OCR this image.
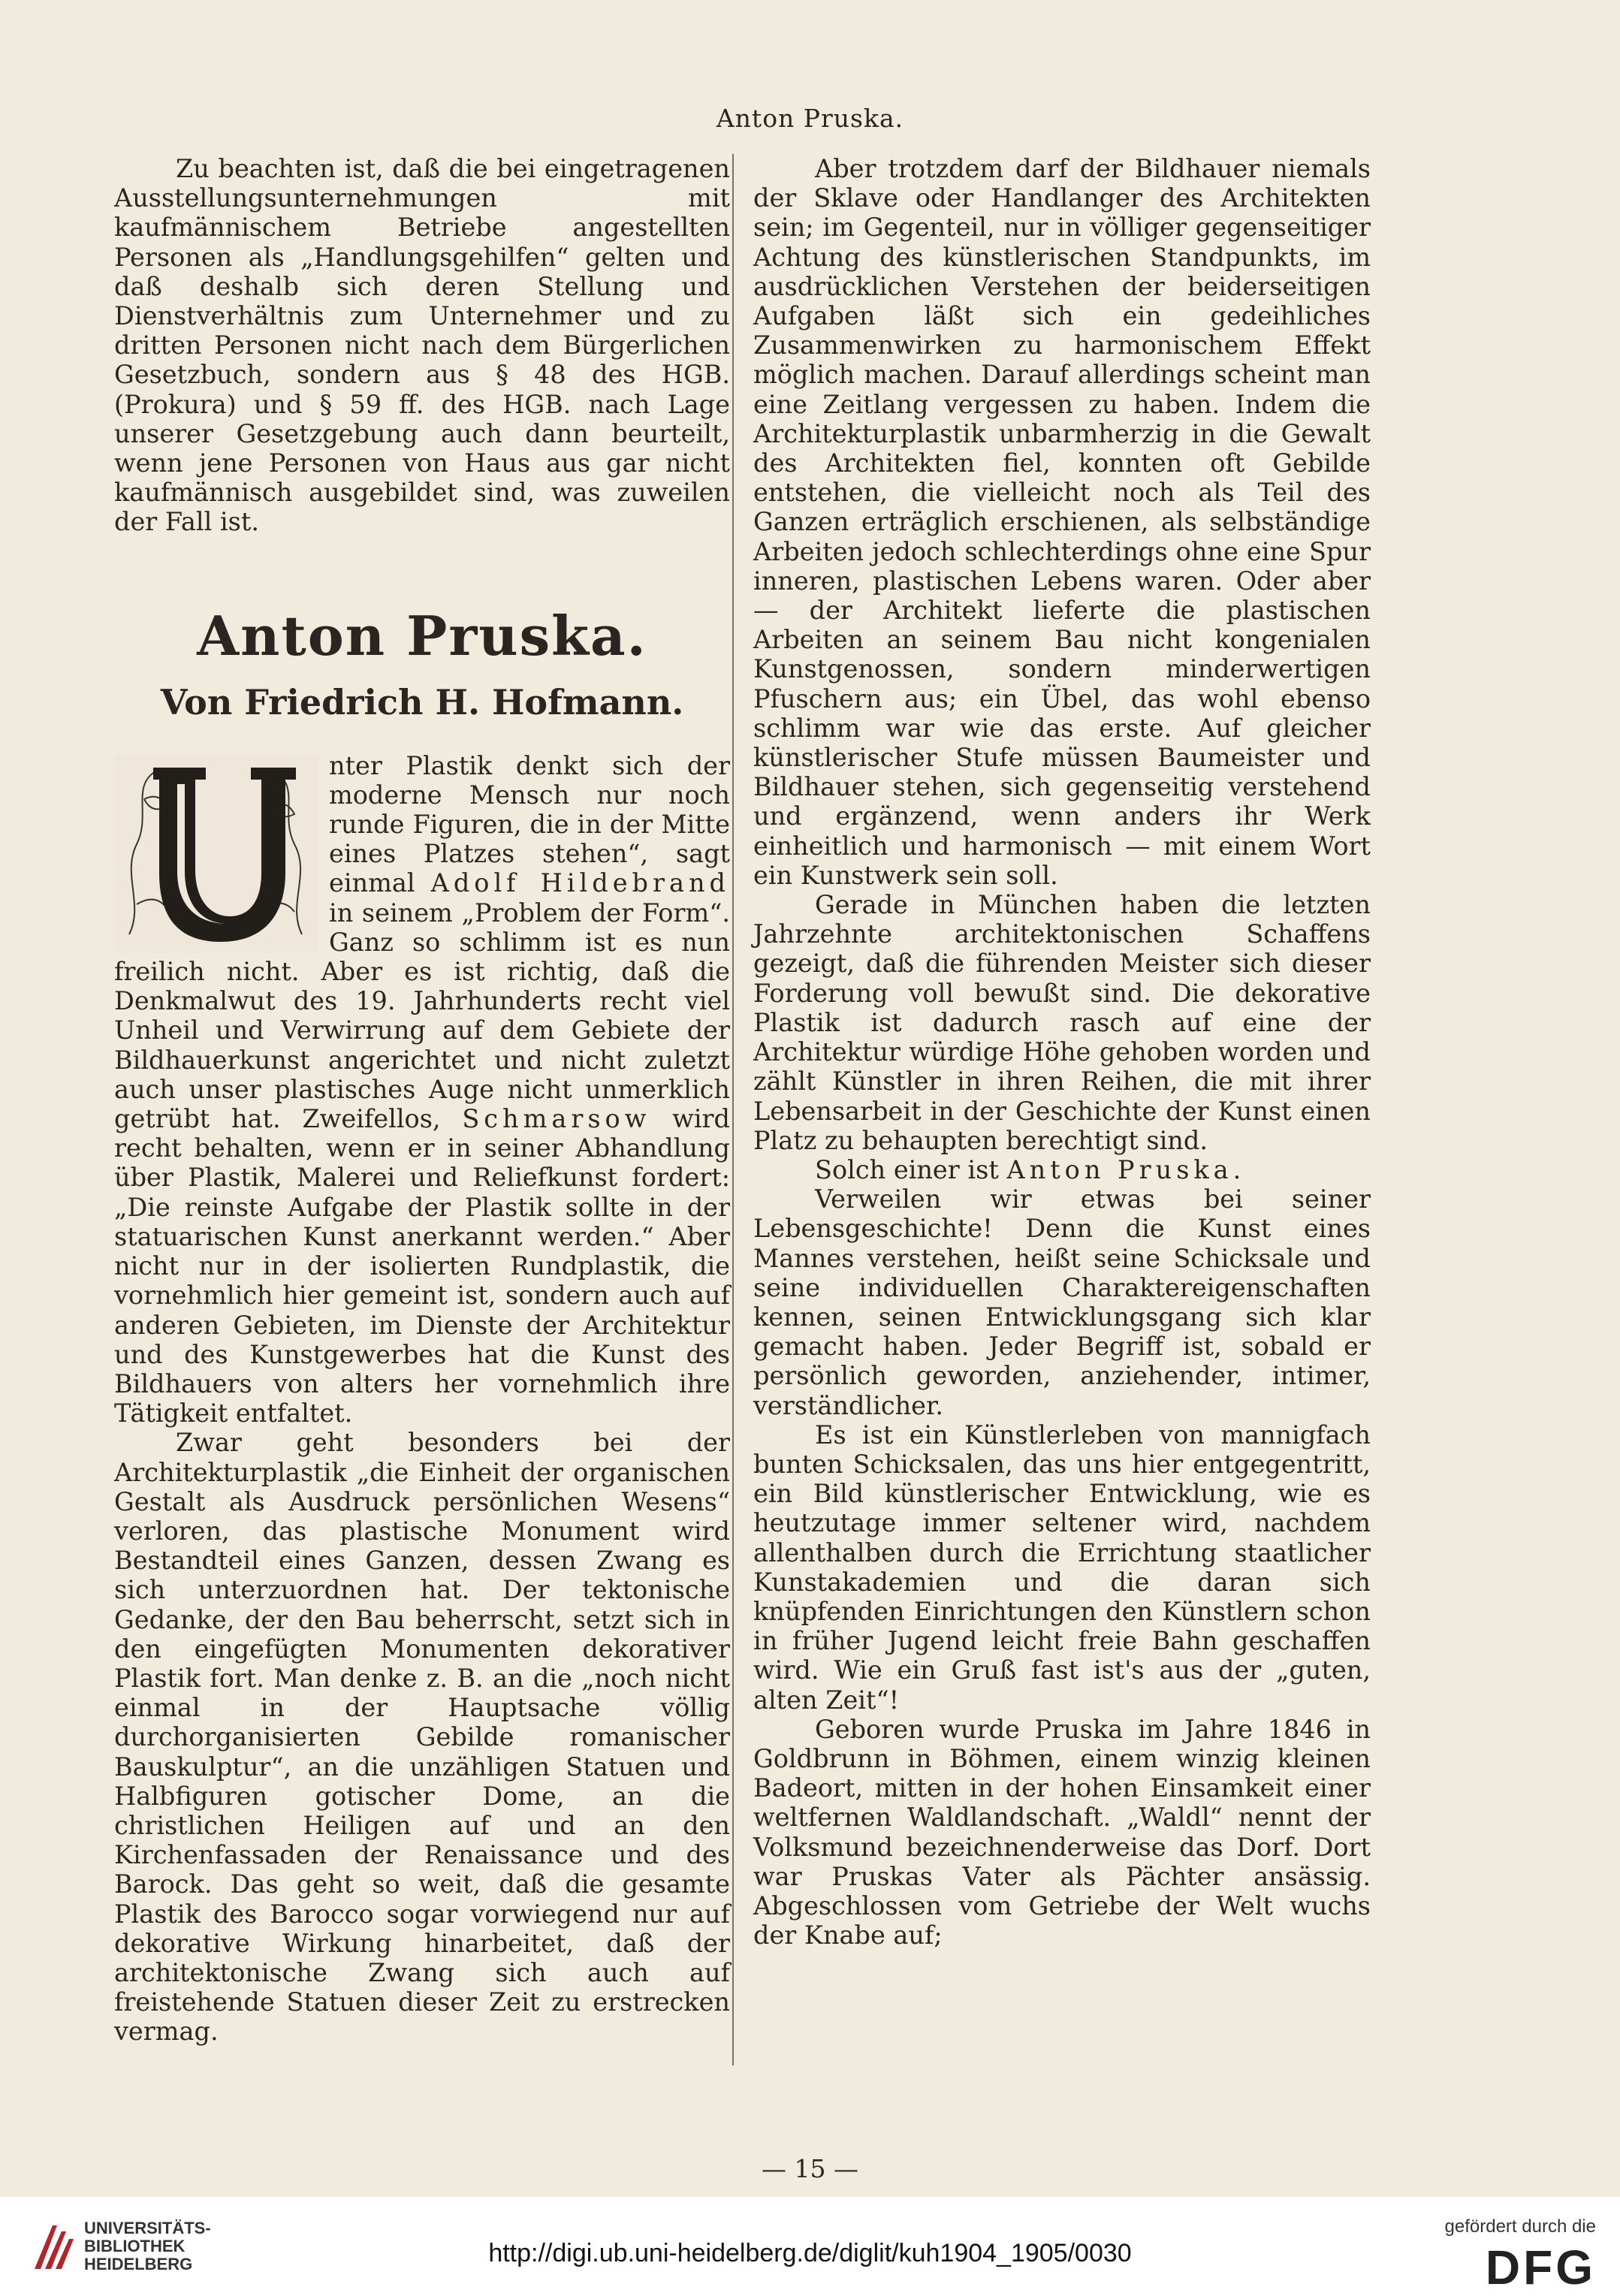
Anton Pruska.

Zu beachten ist, daß die bei eingetragenen Ausstellungsunternehmungen mit kaufmännischem Betriebe angestellten Personen als „Handlungsgehilfen“ gelten und daß deshalb sich deren Stellung und Dienstverhältnis zum Unternehmer und zu dritten Personen nicht nach dem Bürgerlichen Gesetzbuch, sondern aus § 48 des HGB. (Prokura) und § 59 ff. des HGB. nach Lage unserer Gesetzgebung auch dann beurteilt, wenn jene Personen von Haus aus gar nicht kaufmännisch ausgebildet sind, was zuweilen der Fall ist.

Anton Pruska.
Von Friedrich H. Hofmann.

nter Plastik denkt sich der moderne Mensch nur noch runde Figuren, die in der Mitte eines Platzes stehen“, sagt einmal Adolf Hildebrand in seinem „Problem der Form“. Ganz so schlimm ist es nun freilich nicht. Aber es ist richtig, daß die Denkmalwut des 19. Jahrhunderts recht viel Unheil und Verwirrung auf dem Gebiete der Bildhauerkunst angerichtet und nicht zuletzt auch unser plastisches Auge nicht unmerklich getrübt hat. Zweifellos, Schmarsow wird recht behalten, wenn er in seiner Abhandlung über Plastik, Malerei und Reliefkunst fordert: „Die reinste Aufgabe der Plastik sollte in der statuarischen Kunst anerkannt werden.“ Aber nicht nur in der isolierten Rundplastik, die vornehmlich hier gemeint ist, sondern auch auf anderen Gebieten, im Dienste der Architektur und des Kunstgewerbes hat die Kunst des Bildhauers von alters her vornehmlich ihre Tätigkeit entfaltet.

Zwar geht besonders bei der Architekturplastik „die Einheit der organischen Gestalt als Ausdruck persönlichen Wesens“ verloren, das plastische Monument wird Bestandteil eines Ganzen, dessen Zwang es sich unterzuordnen hat. Der tektonische Gedanke, der den Bau beherrscht, setzt sich in den eingefügten Monumenten dekorativer Plastik fort. Man denke z. B. an die „noch nicht einmal in der Hauptsache völlig durchorganisierten Gebilde romanischer Bauskulptur“, an die unzähligen Statuen und Halbfiguren gotischer Dome, an die christlichen Heiligen auf und an den Kirchenfassaden der Renaissance und des Barock. Das geht so weit, daß die gesamte Plastik des Barocco sogar vorwiegend nur auf dekorative Wirkung hinarbeitet, daß der architektonische Zwang sich auch auf freistehende Statuen dieser Zeit zu erstrecken vermag.

Aber trotzdem darf der Bildhauer niemals der Sklave oder Handlanger des Architekten sein; im Gegenteil, nur in völliger gegenseitiger Achtung des künstlerischen Standpunkts, im ausdrücklichen Verstehen der beiderseitigen Aufgaben läßt sich ein gedeihliches Zusammenwirken zu harmonischem Effekt möglich machen. Darauf allerdings scheint man eine Zeitlang vergessen zu haben. Indem die Architekturplastik unbarmherzig in die Gewalt des Architekten fiel, konnten oft Gebilde entstehen, die vielleicht noch als Teil des Ganzen erträglich erschienen, als selbständige Arbeiten jedoch schlechterdings ohne eine Spur inneren, plastischen Lebens waren. Oder aber — der Architekt lieferte die plastischen Arbeiten an seinem Bau nicht kongenialen Kunstgenossen, sondern minderwertigen Pfuschern aus; ein Übel, das wohl ebenso schlimm war wie das erste. Auf gleicher künstlerischer Stufe müssen Baumeister und Bildhauer stehen, sich gegenseitig verstehend und ergänzend, wenn anders ihr Werk einheitlich und harmonisch — mit einem Wort ein Kunstwerk sein soll.

Gerade in München haben die letzten Jahrzehnte architektonischen Schaffens gezeigt, daß die führenden Meister sich dieser Forderung voll bewußt sind. Die dekorative Plastik ist dadurch rasch auf eine der Architektur würdige Höhe gehoben worden und zählt Künstler in ihren Reihen, die mit ihrer Lebensarbeit in der Geschichte der Kunst einen Platz zu behaupten berechtigt sind.

Solch einer ist Anton Pruska.

Verweilen wir etwas bei seiner Lebensgeschichte! Denn die Kunst eines Mannes verstehen, heißt seine Schicksale und seine individuellen Charaktereigenschaften kennen, seinen Entwicklungsgang sich klar gemacht haben. Jeder Begriff ist, sobald er persönlich geworden, anziehender, intimer, verständlicher.

Es ist ein Künstlerleben von mannigfach bunten Schicksalen, das uns hier entgegentritt, ein Bild künstlerischer Entwicklung, wie es heutzutage immer seltener wird, nachdem allenthalben durch die Errichtung staatlicher Kunstakademien und die daran sich knüpfenden Einrichtungen den Künstlern schon in früher Jugend leicht freie Bahn geschaffen wird. Wie ein Gruß fast ist's aus der „guten, alten Zeit“!

Geboren wurde Pruska im Jahre 1846 in Goldbrunn in Böhmen, einem winzig kleinen Badeort, mitten in der hohen Einsamkeit einer weltfernen Waldlandschaft. „Waldl“ nennt der Volksmund bezeichnenderweise das Dorf. Dort war Pruskas Vater als Pächter ansässig. Abgeschlossen vom Getriebe der Welt wuchs der Knabe auf;

— 15 —
UNIVERSITÄTS-
BIBLIOTHEK
HEIDELBERG	http://digi.ub.uni-heidelberg.de/diglit/kuh1904_1905/0030
gefördert durch die
DFG
